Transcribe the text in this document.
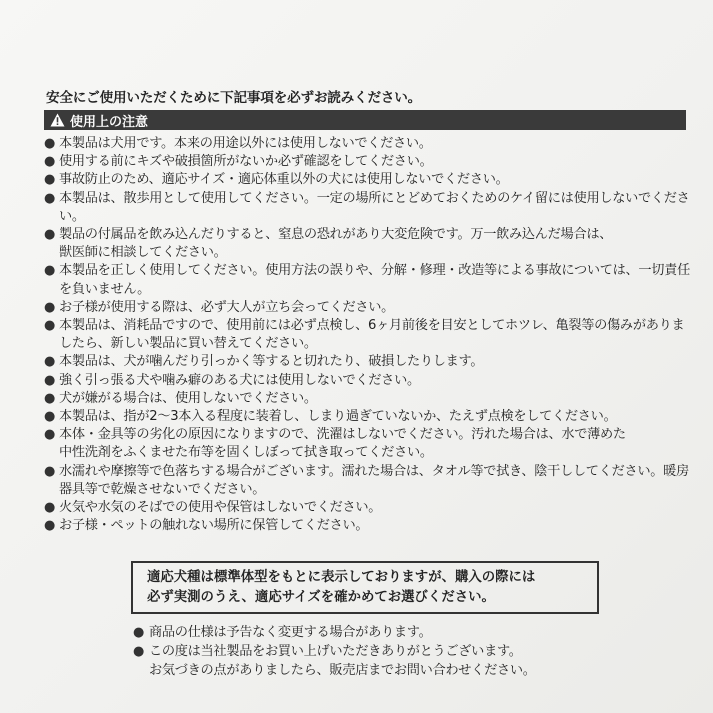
安全にご使用いただくために下記事項を必ずお読みください。
使用上の注意
● 本製品は犬用です。本来の用途以外には使用しないでください。
● 使用する前にキズや破損箇所がないか必ず確認をしてください。
● 事故防止のため、適応サイズ・適応体重以外の犬には使用しないでください。
● 本製品は、散歩用として使用してください。一定の場所にとどめておくためのケイ留には使用しないでください。
● 製品の付属品を飲み込んだりすると、窒息の恐れがあり大変危険です。万一飲み込んだ場合は、
獣医師に相談してください。
● 本製品を正しく使用してください。使用方法の誤りや、分解・修理・改造等による事故については、一切責任を負いません。
● お子様が使用する際は、必ず大人が立ち会ってください。
● 本製品は、消耗品ですので、使用前には必ず点検し、6ヶ月前後を目安としてホツレ、亀裂等の傷みがありましたら、新しい製品に買い替えてください。
● 本製品は、犬が噛んだり引っかく等すると切れたり、破損したりします。
● 強く引っ張る犬や噛み癖のある犬には使用しないでください。
● 犬が嫌がる場合は、使用しないでください。
● 本製品は、指が2〜3本入る程度に装着し、しまり過ぎていないか、たえず点検をしてください。
● 本体・金具等の劣化の原因になりますので、洗濯はしないでください。汚れた場合は、水で薄めた
中性洗剤をふくませた布等を固くしぼって拭き取ってください。
● 水濡れや摩擦等で色落ちする場合がございます。濡れた場合は、タオル等で拭き、陰干ししてください。暖房器具等で乾燥させないでください。
● 火気や水気のそばでの使用や保管はしないでください。
● お子様・ペットの触れない場所に保管してください。
適応犬種は標準体型をもとに表示しておりますが、購入の際には
必ず実測のうえ、適応サイズを確かめてお選びください。
● 商品の仕様は予告なく変更する場合があります。
● この度は当社製品をお買い上げいただきありがとうございます。
お気づきの点がありましたら、販売店までお問い合わせください。
